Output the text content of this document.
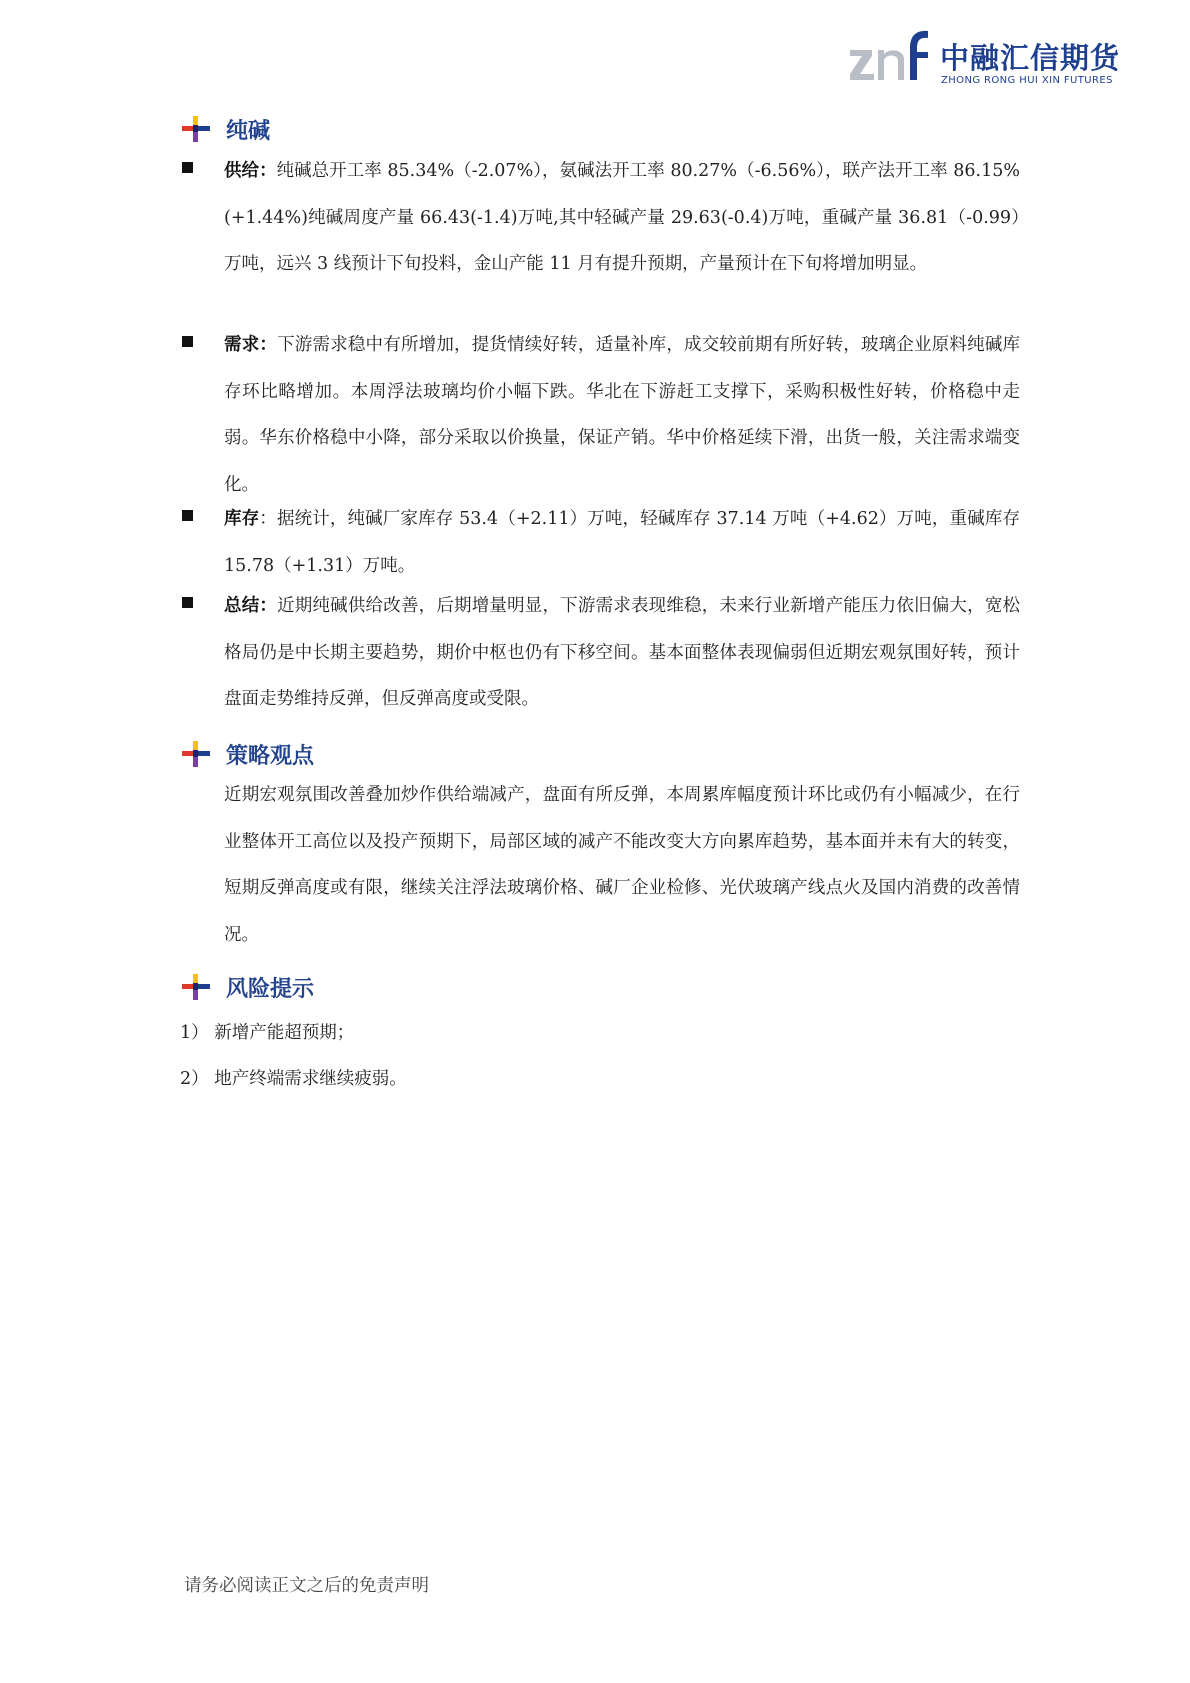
中融汇信期货
ZHONG RONG HUI XIN FUTURES
纯碱
供给：纯碱总开工率 85.34%（-2.07%），氨碱法开工率 80.27%（-6.56%），联产法开工率 86.15%(+1.44%)纯碱周度产量 66.43(-1.4)万吨,其中轻碱产量 29.63(-0.4)万吨，重碱产量 36.81（-0.99）万吨，远兴 3 线预计下旬投料，金山产能 11 月有提升预期，产量预计在下旬将增加明显。
需求：下游需求稳中有所增加，提货情续好转，适量补库，成交较前期有所好转，玻璃企业原料纯碱库存环比略增加。本周浮法玻璃均价小幅下跌。华北在下游赶工支撑下，采购积极性好转，价格稳中走弱。华东价格稳中小降，部分采取以价换量，保证产销。华中价格延续下滑，出货一般，关注需求端变化。
库存：据统计，纯碱厂家库存 53.4（+2.11）万吨，轻碱库存 37.14 万吨（+4.62）万吨，重碱库存 15.78（+1.31）万吨。
总结：近期纯碱供给改善，后期增量明显，下游需求表现维稳，未来行业新增产能压力依旧偏大，宽松格局仍是中长期主要趋势，期价中枢也仍有下移空间。基本面整体表现偏弱但近期宏观氛围好转，预计盘面走势维持反弹，但反弹高度或受限。
策略观点
近期宏观氛围改善叠加炒作供给端减产，盘面有所反弹，本周累库幅度预计环比或仍有小幅减少，在行业整体开工高位以及投产预期下，局部区域的减产不能改变大方向累库趋势，基本面并未有大的转变，短期反弹高度或有限，继续关注浮法玻璃价格、碱厂企业检修、光伏玻璃产线点火及国内消费的改善情况。
风险提示
1） 新增产能超预期；
2） 地产终端需求继续疲弱。
请务必阅读正文之后的免责声明
